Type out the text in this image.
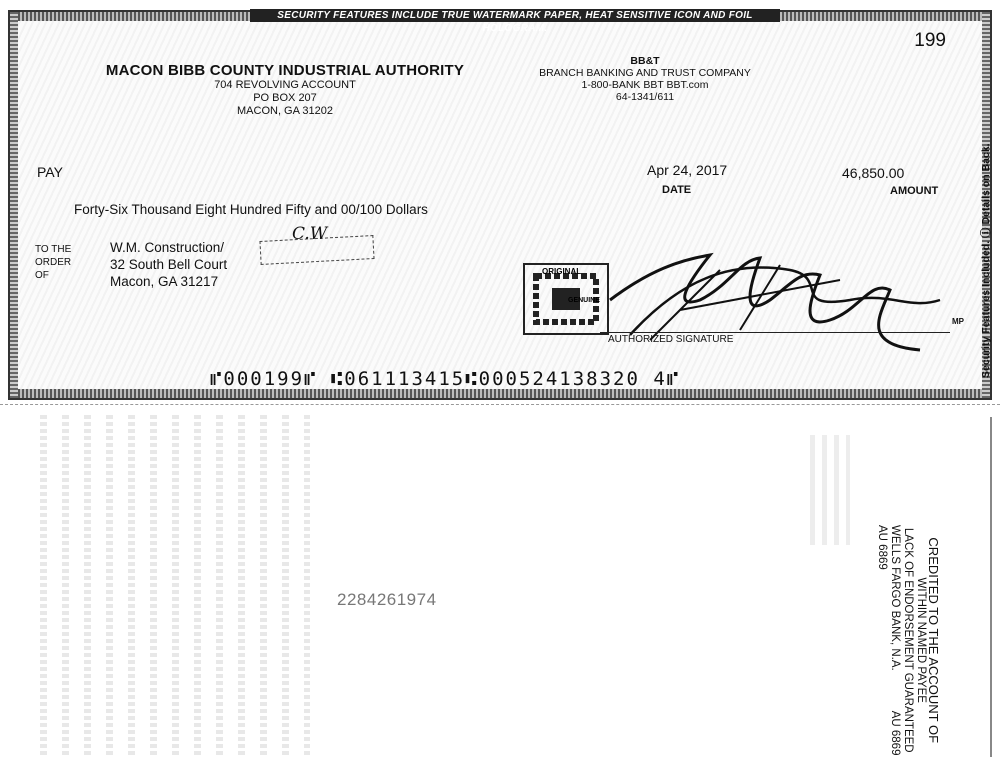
SECURITY FEATURES INCLUDE TRUE WATERMARK PAPER, HEAT SENSITIVE ICON AND FOIL HOLOGRAM.
199
MACON BIBB COUNTY INDUSTRIAL AUTHORITY
704 REVOLVING ACCOUNT
PO BOX 207
MACON, GA 31202
BB&T
BRANCH BANKING AND TRUST COMPANY
1-800-BANK BBT BBT.com
64-1341/611
PAY	Apr 24, 2017
DATE
46,850.00
AMOUNT
Forty-Six Thousand Eight Hundred Fifty and 00/100 Dollars
TO THE
ORDER
OF
W.M. Construction/
32 South Bell Court
Macon, GA 31217
C.W
ORIGINAL
GENUINE
AUTHORIZED SIGNATURE
MP Security Features Included. ⓘ Details on Back.
⑈000199⑈ ⑆061113415⑆000524138320 4⑈
2284261974	CREDITED TO THE ACCOUNT OF
WITHIN NAMED PAYEE
LACK OF ENDORSEMENT GUARANTEED
WELLS FARGO BANK, N.A.AU 6869
AU 6869
